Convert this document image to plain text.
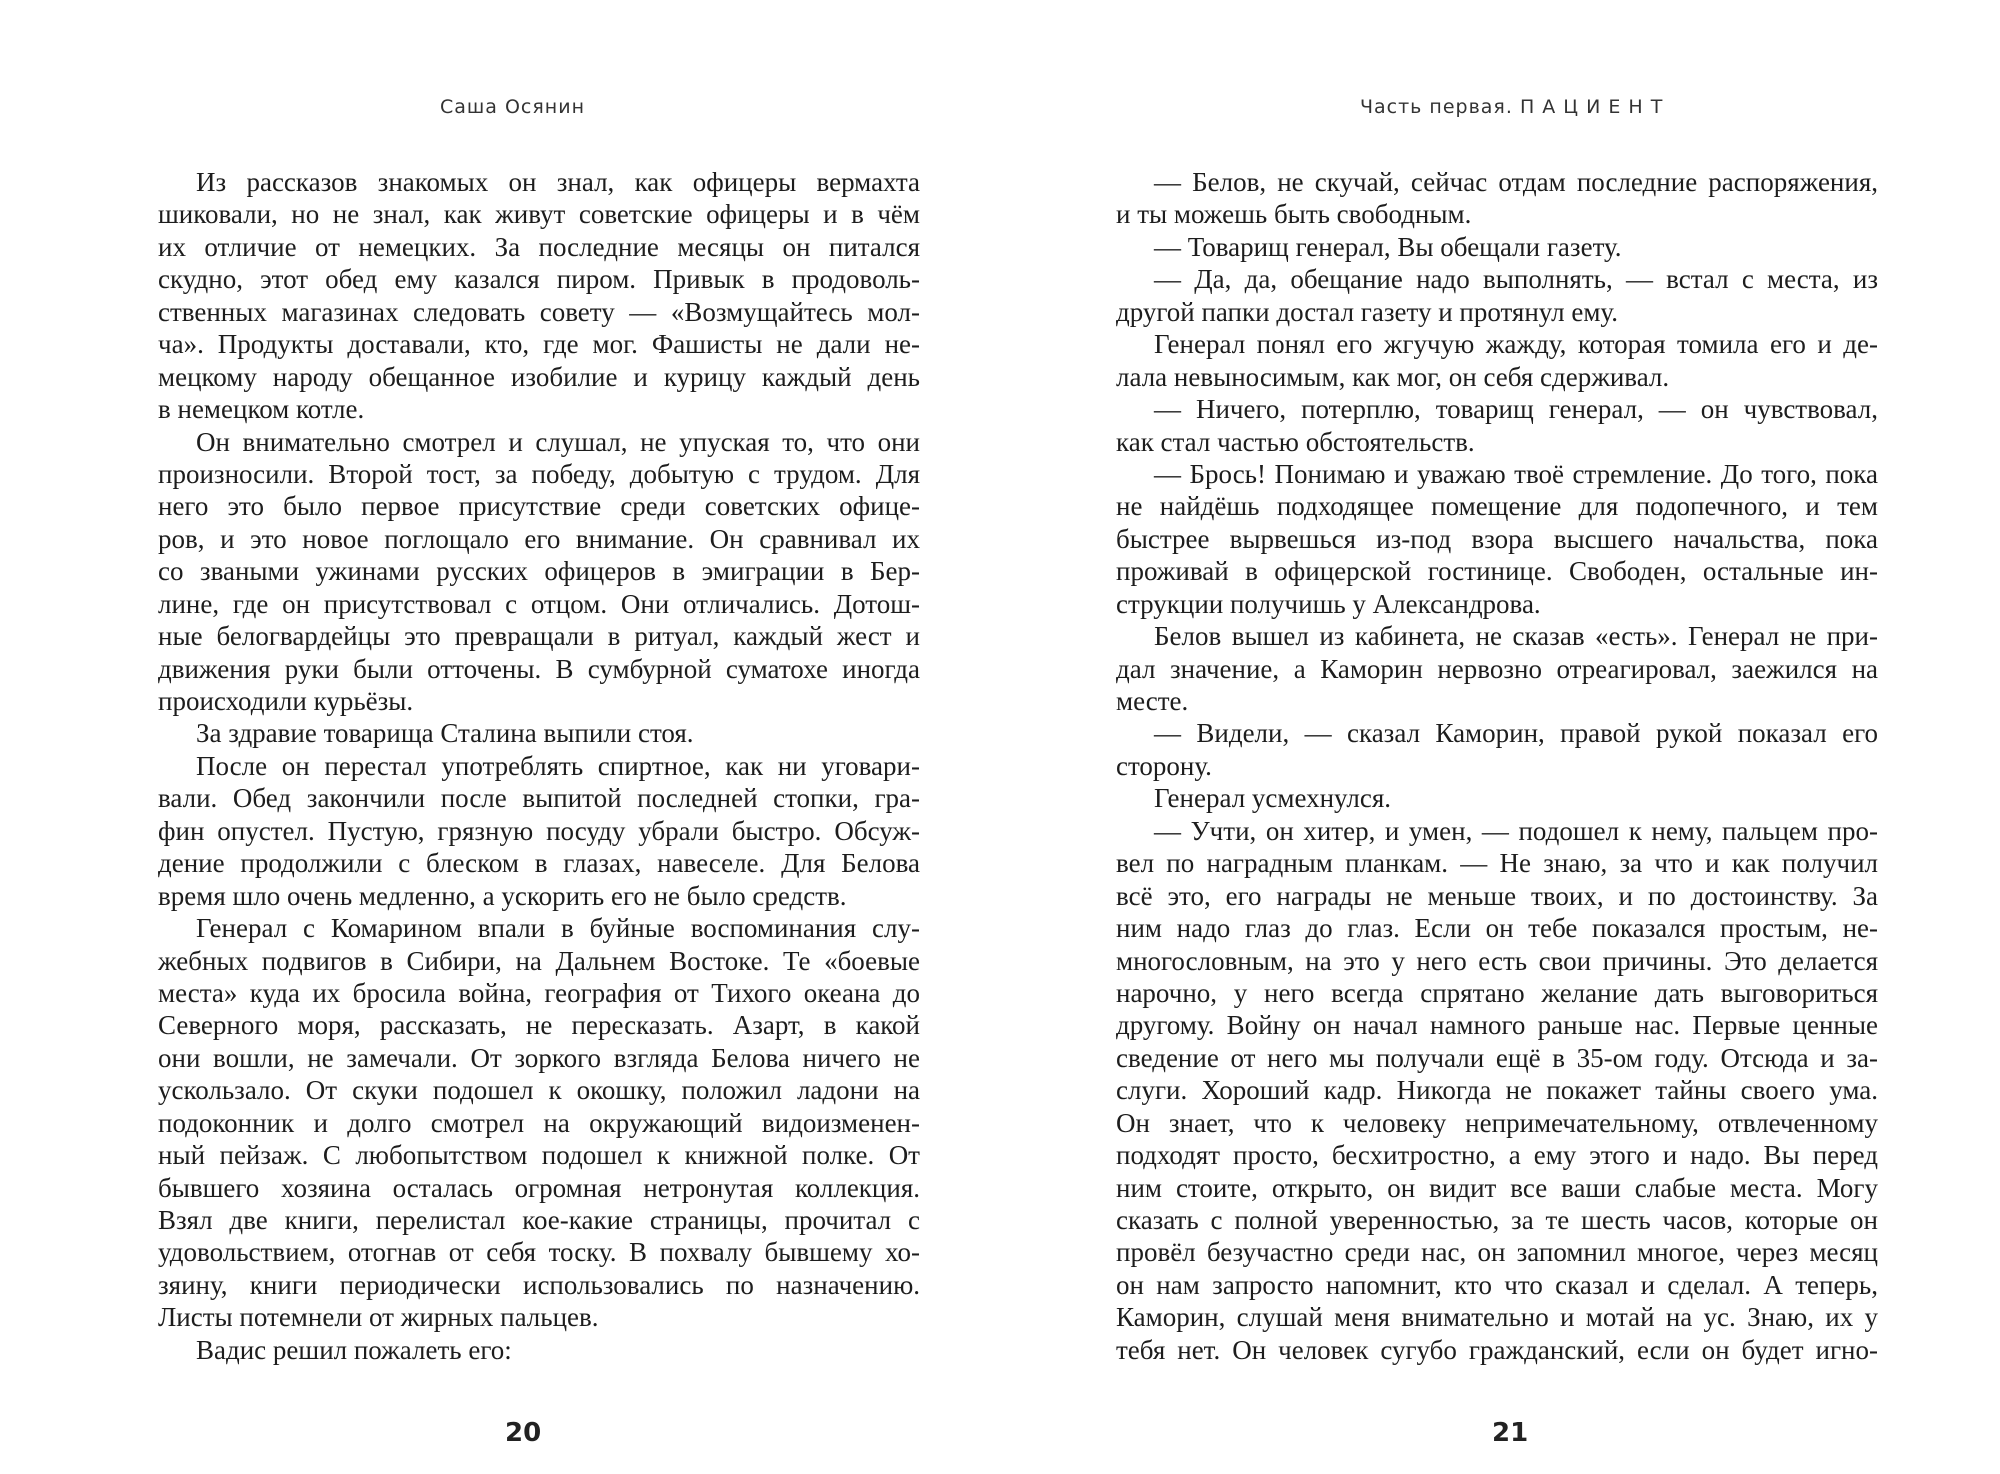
Саша Осянин
Из рассказов знакомых он знал, как офицеры вермахта
шиковали, но не знал, как живут советские офицеры и в чём
их отличие от немецких. За последние месяцы он питался
скудно, этот обед ему казался пиром. Привык в продоволь-
ственных магазинах следовать совету — «Возмущайтесь мол-
ча». Продукты доставали, кто, где мог. Фашисты не дали не-
мецкому народу обещанное изобилие и курицу каждый день
в немецком котле.
Он внимательно смотрел и слушал, не упуская то, что они
произносили. Второй тост, за победу, добытую с трудом. Для
него это было первое присутствие среди советских офице-
ров, и это новое поглощало его внимание. Он сравнивал их
со зваными ужинами русских офицеров в эмиграции в Бер-
лине, где он присутствовал с отцом. Они отличались. Дотош-
ные белогвардейцы это превращали в ритуал, каждый жест и
движения руки были отточены. В сумбурной суматохе иногда
происходили курьёзы.
За здравие товарища Сталина выпили стоя.
После он перестал употреблять спиртное, как ни уговари-
вали. Обед закончили после выпитой последней стопки, гра-
фин опустел. Пустую, грязную посуду убрали быстро. Обсуж-
дение продолжили с блеском в глазах, навеселе. Для Белова
время шло очень медленно, а ускорить его не было средств.
Генерал с Комарином впали в буйные воспоминания слу-
жебных подвигов в Сибири, на Дальнем Востоке. Те «боевые
места» куда их бросила война, география от Тихого океана до
Северного моря, рассказать, не пересказать. Азарт, в какой
они вошли, не замечали. От зоркого взгляда Белова ничего не
ускользало. От скуки подошел к окошку, положил ладони на
подоконник и долго смотрел на окружающий видоизменен-
ный пейзаж. С любопытством подошел к книжной полке. От
бывшего хозяина осталась огромная нетронутая коллекция.
Взял две книги, перелистал кое-какие страницы, прочитал с
удовольствием, отогнав от себя тоску. В похвалу бывшему хо-
зяину, книги периодически использовались по назначению.
Листы потемнели от жирных пальцев.
Вадис решил пожалеть его:
20
Часть первая. П А Ц И Е Н Т
— Белов, не скучай, сейчас отдам последние распоряжения,
и ты можешь быть свободным.
— Товарищ генерал, Вы обещали газету.
— Да, да, обещание надо выполнять, — встал с места, из
другой папки достал газету и протянул ему.
Генерал понял его жгучую жажду, которая томила его и де-
лала невыносимым, как мог, он себя сдерживал.
— Ничего, потерплю, товарищ генерал, — он чувствовал,
как стал частью обстоятельств.
— Брось! Понимаю и уважаю твоё стремление. До того, пока
не найдёшь подходящее помещение для подопечного, и тем
быстрее вырвешься из-под взора высшего начальства, пока
проживай в офицерской гостинице. Свободен, остальные ин-
струкции получишь у Александрова.
Белов вышел из кабинета, не сказав «есть». Генерал не при-
дал значение, а Каморин нервозно отреагировал, заежился на
месте.
— Видели, — сказал Каморин, правой рукой показал его
сторону.
Генерал усмехнулся.
— Учти, он хитер, и умен, — подошел к нему, пальцем про-
вел по наградным планкам. — Не знаю, за что и как получил
всё это, его награды не меньше твоих, и по достоинству. За
ним надо глаз до глаз. Если он тебе показался простым, не-
многословным, на это у него есть свои причины. Это делается
нарочно, у него всегда спрятано желание дать выговориться
другому. Войну он начал намного раньше нас. Первые ценные
сведение от него мы получали ещё в 35-ом году. Отсюда и за-
слуги. Хороший кадр. Никогда не покажет тайны своего ума.
Он знает, что к человеку непримечательному, отвлеченному
подходят просто, бесхитростно, а ему этого и надо. Вы перед
ним стоите, открыто, он видит все ваши слабые места. Могу
сказать с полной уверенностью, за те шесть часов, которые он
провёл безучастно среди нас, он запомнил многое, через месяц
он нам запросто напомнит, кто что сказал и сделал. А теперь,
Каморин, слушай меня внимательно и мотай на ус. Знаю, их у
тебя нет. Он человек сугубо гражданский, если он будет игно-
21
